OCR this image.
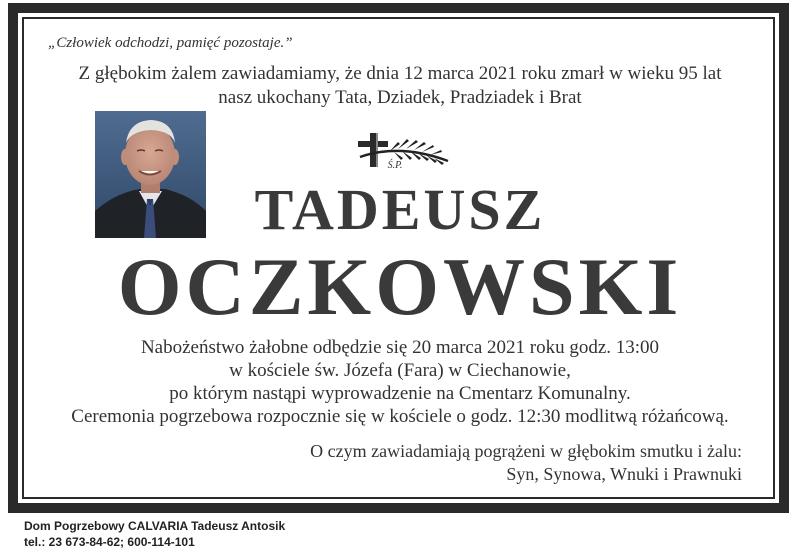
„Człowiek odchodzi, pamięć pozostaje.”
Z głębokim żalem zawiadamiamy, że dnia 12 marca 2021 roku zmarł w wieku 95 lat
nasz ukochany Tata, Dziadek, Pradziadek i Brat
Ś.P.
TADEUSZ
OCZKOWSKI
Nabożeństwo żałobne odbędzie się 20 marca 2021 roku godz. 13:00
w kościele św. Józefa (Fara) w Ciechanowie,
po którym nastąpi wyprowadzenie na Cmentarz Komunalny.
Ceremonia pogrzebowa rozpocznie się w kościele o godz. 12:30 modlitwą różańcową.
O czym zawiadamiają pogrążeni w głębokim smutku i żalu:
Syn, Synowa, Wnuki i Prawnuki
Dom Pogrzebowy CALVARIA Tadeusz Antosik
tel.: 23 673-84-62; 600-114-101
